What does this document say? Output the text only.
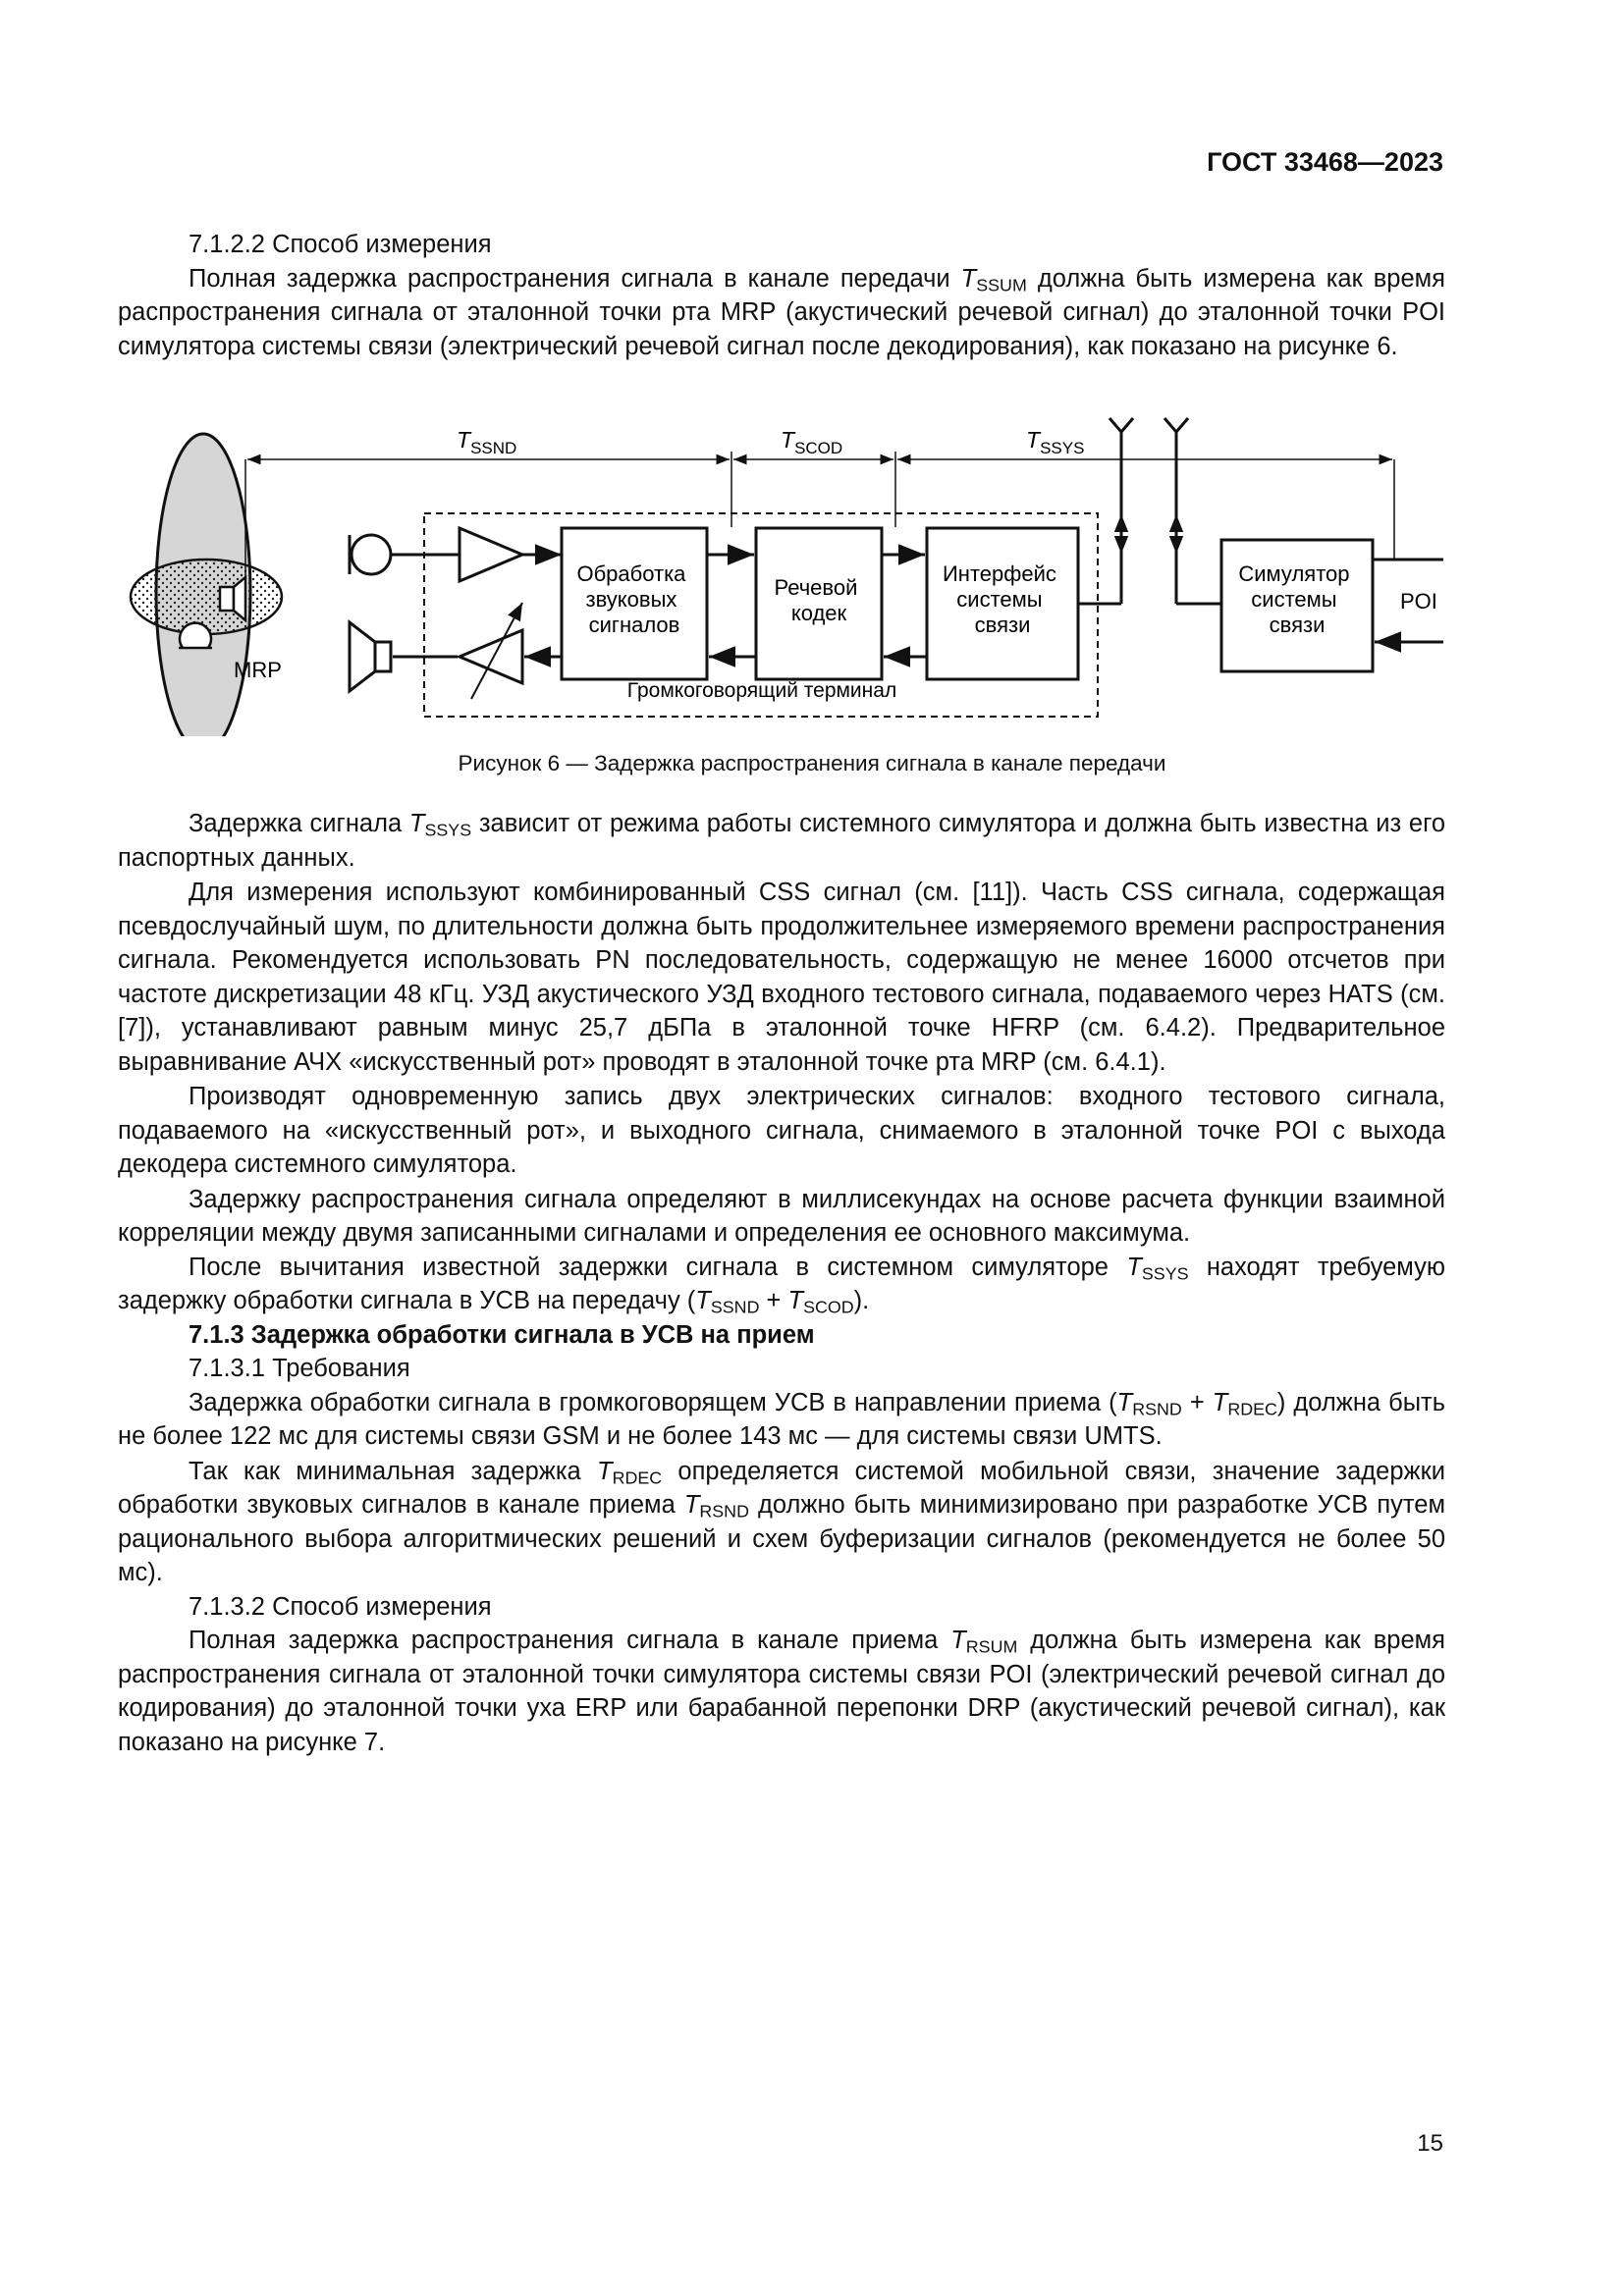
ГОСТ 33468—2023

7.1.2.2 Способ измерения

Полная задержка распространения сигнала в канале передачи $T_{SSUM}$ должна быть измерена как время распространения сигнала от эталонной точки рта MRP (акустический речевой сигнал) до эталонной точки POI симулятора системы связи (электрический речевой сигнал после декодирования), как показано на рисунке 6.

MRP
$T_{SSND}$	$T_{SCOD}$	$T_{SSYS}$
Громкоговорящий терминал
Обработка звуковых сигналов
Речевой кодек
Интерфейс системы связи
Симулятор системы связи
POI
Рисунок 6 — Задержка распространения сигнала в канале передачи

Задержка сигнала $T_{SSYS}$ зависит от режима работы системного симулятора и должна быть известна из его паспортных данных.

Для измерения используют комбинированный CSS сигнал (см. [11]). Часть CSS сигнала, содержащая псевдослучайный шум, по длительности должна быть продолжительнее измеряемого времени распространения сигнала. Рекомендуется использовать PN последовательность, содержащую не менее 16000 отсчетов при частоте дискретизации 48 кГц. УЗД акустического УЗД входного тестового сигнала, подаваемого через HATS (см. [7]), устанавливают равным минус 25,7 дБПа в эталонной точке HFRP (см. 6.4.2). Предварительное выравнивание АЧХ «искусственный рот» проводят в эталонной точке рта MRP (см. 6.4.1).

Производят одновременную запись двух электрических сигналов: входного тестового сигнала, подаваемого на «искусственный рот», и выходного сигнала, снимаемого в эталонной точке POI с выхода декодера системного симулятора.

Задержку распространения сигнала определяют в миллисекундах на основе расчета функции взаимной корреляции между двумя записанными сигналами и определения ее основного максимума.

После вычитания известной задержки сигнала в системном симуляторе $T_{SSYS}$ находят требуемую задержку обработки сигнала в УСВ на передачу $(T_{SSND} + T_{SCOD})$.

7.1.3 Задержка обработки сигнала в УСВ на прием

7.1.3.1 Требования

Задержка обработки сигнала в громкоговорящем УСВ в направлении приема $(T_{RSND} + T_{RDEC})$ должна быть не более 122 мс для системы связи GSM и не более 143 мс — для системы связи UMTS.

Так как минимальная задержка $T_{RDEC}$ определяется системой мобильной связи, значение задержки обработки звуковых сигналов в канале приема $T_{RSND}$ должно быть минимизировано при разработке УСВ путем рационального выбора алгоритмических решений и схем буферизации сигналов (рекомендуется не более 50 мс).

7.1.3.2 Способ измерения

Полная задержка распространения сигнала в канале приема $T_{RSUM}$ должна быть измерена как время распространения сигнала от эталонной точки симулятора системы связи POI (электрический речевой сигнал до кодирования) до эталонной точки уха ERP или барабанной перепонки DRP (акустический речевой сигнал), как показано на рисунке 7.

15
